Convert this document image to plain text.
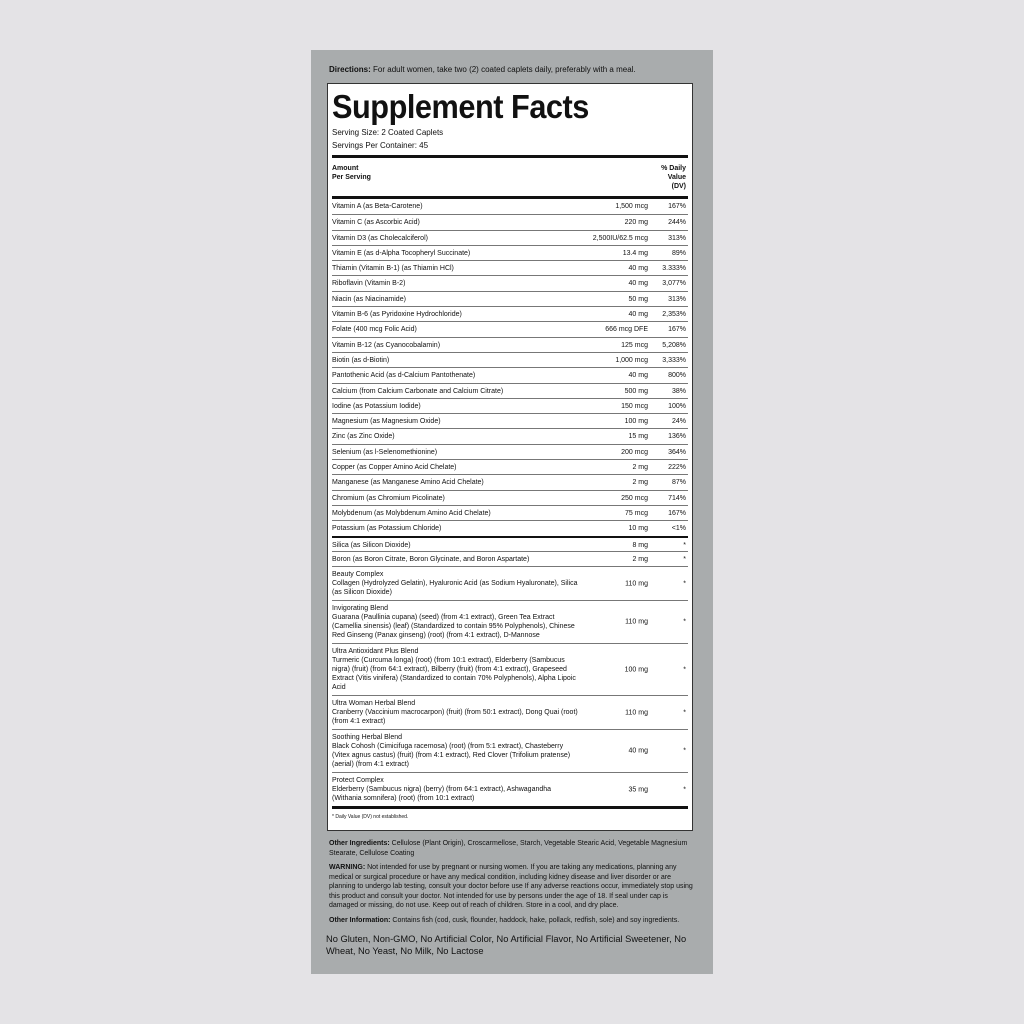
Directions: For adult women, take two (2) coated caplets daily, preferably with a meal.
Supplement Facts
Serving Size: 2 Coated Caplets
Servings Per Container: 45
Amount
Per Serving
% Daily
Value
(DV)
Vitamin A (as Beta-Carotene)	1,500 mcg	167%
Vitamin C (as Ascorbic Acid)	220 mg	244%
Vitamin D3 (as Cholecalciferol)	2,500IU/62.5 mcg	313%
Vitamin E (as d-Alpha Tocopheryl Succinate)	13.4 mg	89%
Thiamin (Vitamin B-1) (as Thiamin HCl)	40 mg 3.333%
Riboflavin (Vitamin B-2)	40 mg 3,077%
Niacin (as Niacinamide)	50 mg	313%
Vitamin B-6 (as Pyridoxine Hydrochloride)	40 mg 2,353%
Folate (400 mcg Folic Acid)	666 mcg DFE	167%
Vitamin B-12 (as Cyanocobalamin)	125 mcg 5,208%
Biotin (as d-Biotin)	1,000 mcg 3,333%
Pantothenic Acid (as d-Calcium Pantothenate)	40 mg	800%
Calcium (from Calcium Carbonate and Calcium Citrate)	500 mg	38%
Iodine (as Potassium Iodide)	150 mcg	100%
Magnesium (as Magnesium Oxide)	100 mg	24%
Zinc (as Zinc Oxide)	15 mg	136%
Selenium (as l-Selenomethionine)	200 mcg	364%
Copper (as Copper Amino Acid Chelate)	2 mg	222%
Manganese (as Manganese Amino Acid Chelate)	2 mg	87%
Chromium (as Chromium Picolinate)	250 mcg	714%
Molybdenum (as Molybdenum Amino Acid Chelate)	75 mcg	167%
Potassium (as Potassium Chloride)	10 mg	<1%
Silica (as Silicon Dioxide)	8 mg	*
Boron (as Boron Citrate, Boron Glycinate, and Boron Aspartate)	2 mg	*
Beauty Complex
Collagen (Hydrolyzed Gelatin), Hyaluronic Acid (as Sodium Hyaluronate), Silica (as Silicon Dioxide)
110 mg	*
Invigorating Blend
Guarana (Paullinia cupana) (seed) (from 4:1 extract), Green Tea Extract (Camellia sinensis) (leaf) (Standardized to contain 95% Polyphenols), Chinese Red Ginseng (Panax ginseng) (root) (from 4:1 extract), D-Mannose
110 mg	*
Ultra Antioxidant Plus Blend
Turmeric (Curcuma longa) (root) (from 10:1 extract), Elderberry (Sambucus nigra) (fruit) (from 64:1 extract), Bilberry (fruit) (from 4:1 extract), Grapeseed Extract (Vitis vinifera) (Standardized to contain 70% Polyphenols), Alpha Lipoic Acid
100 mg	*
Ultra Woman Herbal Blend
Cranberry (Vaccinium macrocarpon) (fruit) (from 50:1 extract), Dong Quai (root) (from 4:1 extract)
110 mg	*
Soothing Herbal Blend
Black Cohosh (Cimicifuga racemosa) (root) (from 5:1 extract), Chasteberry (Vitex agnus castus) (fruit) (from 4:1 extract), Red Clover (Trifolium pratense) (aerial) (from 4:1 extract)
40 mg	*
Protect Complex
Elderberry (Sambucus nigra) (berry) (from 64:1 extract), Ashwagandha (Withania somnifera) (root) (from 10:1 extract)
35 mg	*
* Daily Value (DV) not established.
Other Ingredients: Cellulose (Plant Origin), Croscarmellose, Starch, Vegetable Stearic Acid, Vegetable Magnesium Stearate, Cellulose Coating
WARNING: Not intended for use by pregnant or nursing women. If you are taking any medications, planning any medical or surgical procedure or have any medical condition, including kidney disease and liver disorder or are planning to undergo lab testing, consult your doctor before use If any adverse reactions occur, immediately stop using this product and consult your doctor. Not intended for use by persons under the age of 18. If seal under cap is damaged or missing, do not use. Keep out of reach of children. Store in a cool, and dry place.
Other Information: Contains fish (cod, cusk, flounder, haddock, hake, pollack, redfish, sole) and soy ingredients.
No Gluten, Non-GMO, No Artificial Color, No Artificial Flavor, No Artificial Sweetener, No Wheat, No Yeast, No Milk, No Lactose
